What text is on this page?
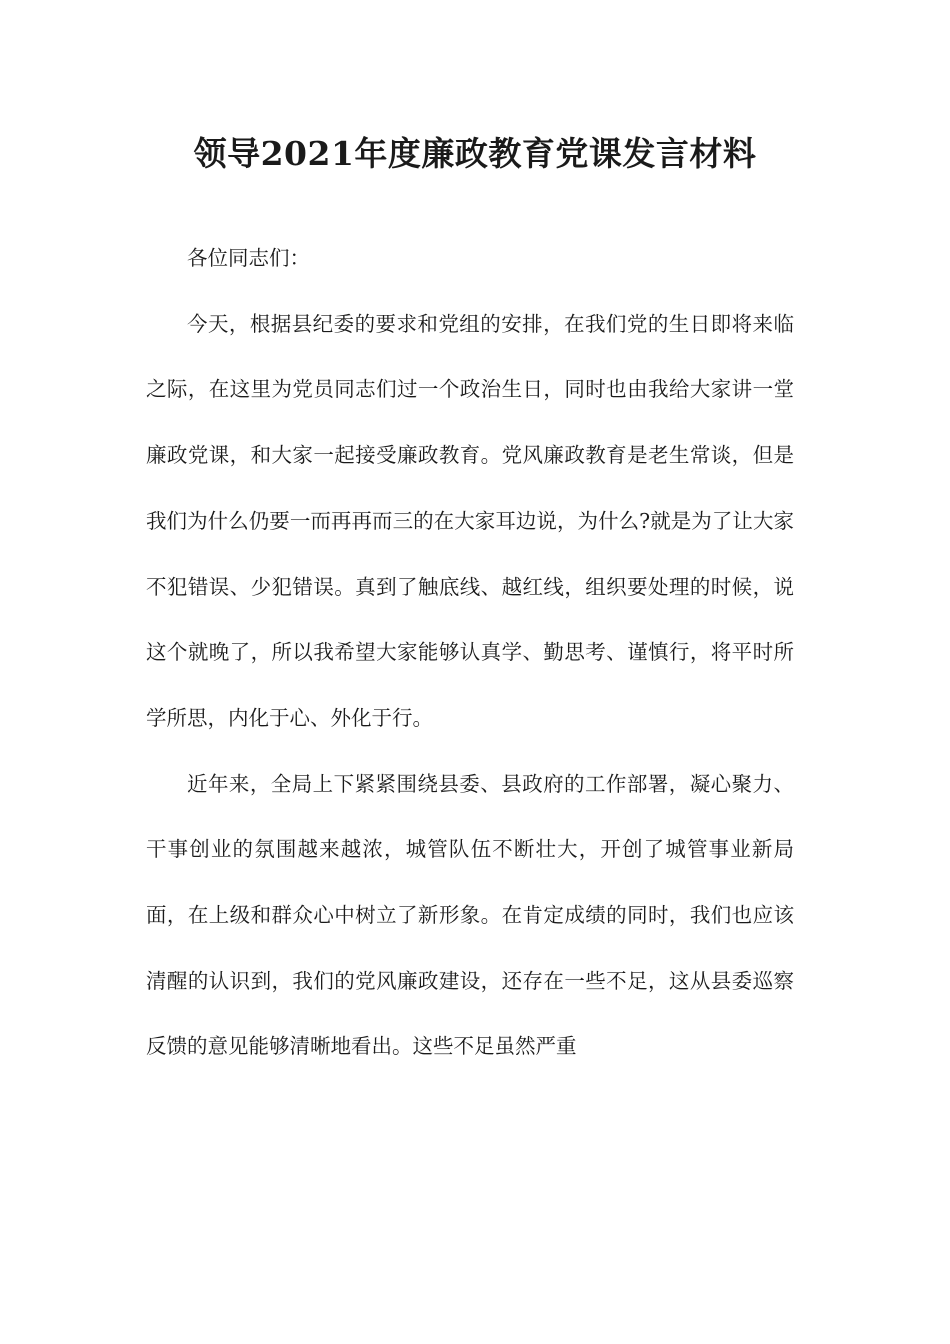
领导2021年度廉政教育党课发言材料

各位同志们：

今天，根据县纪委的要求和党组的安排，在我们党的生日即将来临之际，在这里为党员同志们过一个政治生日，同时也由我给大家讲一堂廉政党课，和大家一起接受廉政教育。党风廉政教育是老生常谈，但是我们为什么仍要一而再再而三的在大家耳边说，为什么?就是为了让大家不犯错误、少犯错误。真到了触底线、越红线，组织要处理的时候，说这个就晚了，所以我希望大家能够认真学、勤思考、谨慎行，将平时所学所思，内化于心、外化于行。

近年来，全局上下紧紧围绕县委、县政府的工作部署，凝心聚力、干事创业的氛围越来越浓，城管队伍不断壮大，开创了城管事业新局面，在上级和群众心中树立了新形象。在肯定成绩的同时，我们也应该清醒的认识到，我们的党风廉政建设，还存在一些不足，这从县委巡察反馈的意见能够清晰地看出。这些不足虽然严重
